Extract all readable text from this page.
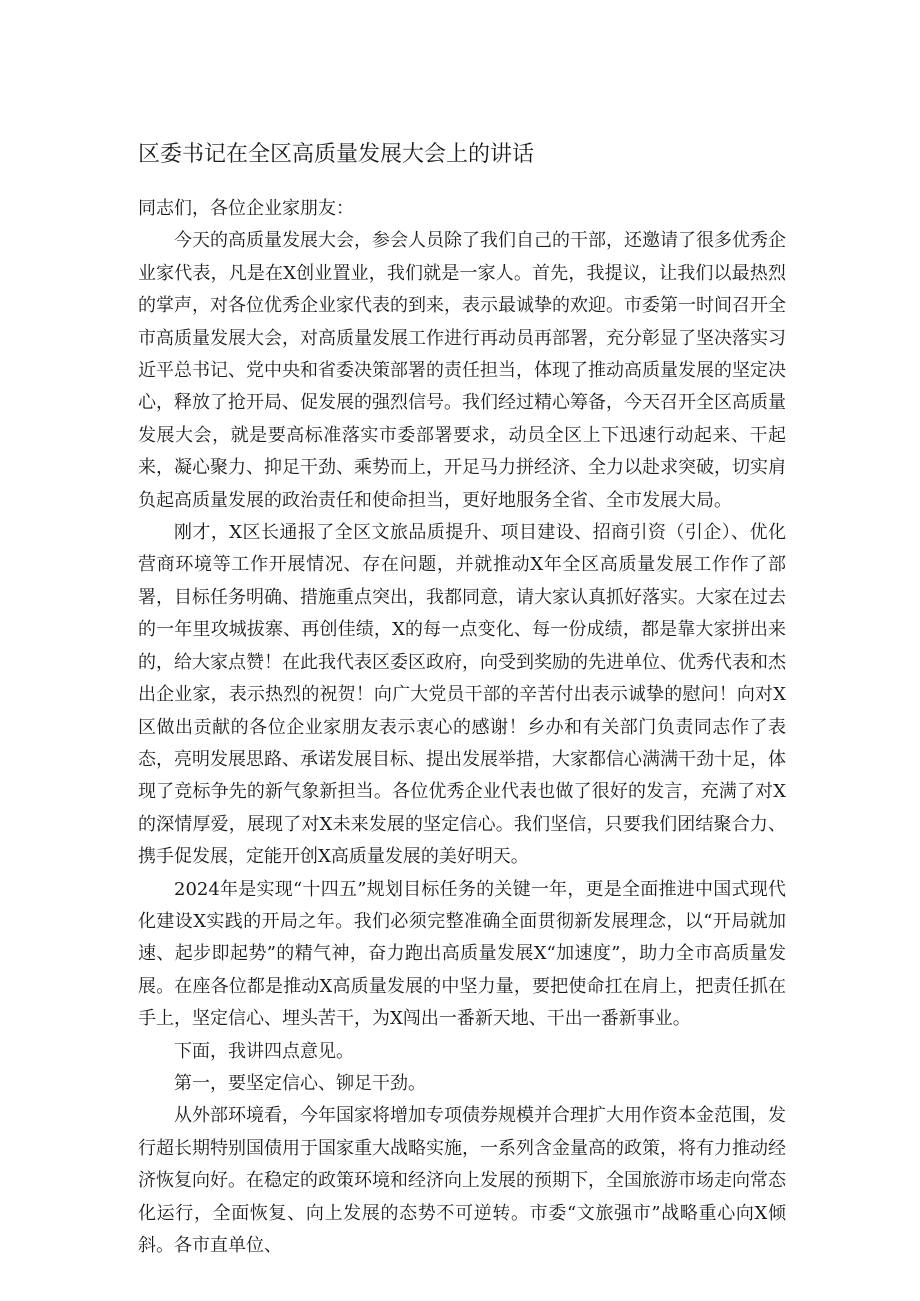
区委书记在全区高质量发展大会上的讲话

同志们，各位企业家朋友：

今天的高质量发展大会，参会人员除了我们自己的干部，还邀请了很多优秀企业家代表，凡是在X创业置业，我们就是一家人。首先，我提议，让我们以最热烈的掌声，对各位优秀企业家代表的到来，表示最诚挚的欢迎。市委第一时间召开全市高质量发展大会，对高质量发展工作进行再动员再部署，充分彰显了坚决落实习近平总书记、党中央和省委决策部署的责任担当，体现了推动高质量发展的坚定决心，释放了抢开局、促发展的强烈信号。我们经过精心筹备，今天召开全区高质量发展大会，就是要高标准落实市委部署要求，动员全区上下迅速行动起来、干起来，凝心聚力、抑足干劲、乘势而上，开足马力拼经济、全力以赴求突破，切实肩负起高质量发展的政治责任和使命担当，更好地服务全省、全市发展大局。

刚才，X区长通报了全区文旅品质提升、项目建设、招商引资（引企）、优化营商环境等工作开展情况、存在问题，并就推动X年全区高质量发展工作作了部署，目标任务明确、措施重点突出，我都同意，请大家认真抓好落实。大家在过去的一年里攻城拔寨、再创佳绩，X的每一点变化、每一份成绩，都是靠大家拼出来的，给大家点赞！在此我代表区委区政府，向受到奖励的先进单位、优秀代表和杰出企业家，表示热烈的祝贺！向广大党员干部的辛苦付出表示诚挚的慰问！向对X区做出贡献的各位企业家朋友表示衷心的感谢！乡办和有关部门负责同志作了表态，亮明发展思路、承诺发展目标、提出发展举措，大家都信心满满干劲十足，体现了竞标争先的新气象新担当。各位优秀企业代表也做了很好的发言，充满了对X的深情厚爱，展现了对X未来发展的坚定信心。我们坚信，只要我们团结聚合力、携手促发展，定能开创X高质量发展的美好明天。

2024年是实现“十四五”规划目标任务的关键一年，更是全面推进中国式现代化建设X实践的开局之年。我们必须完整准确全面贯彻新发展理念，以“开局就加速、起步即起势”的精气神，奋力跑出高质量发展X“加速度”，助力全市高质量发展。在座各位都是推动X高质量发展的中坚力量，要把使命扛在肩上，把责任抓在手上，坚定信心、埋头苦干，为X闯出一番新天地、干出一番新事业。

下面，我讲四点意见。

第一，要坚定信心、铆足干劲。

从外部环境看，今年国家将增加专项债券规模并合理扩大用作资本金范围，发行超长期特别国债用于国家重大战略实施，一系列含金量高的政策，将有力推动经济恢复向好。在稳定的政策环境和经济向上发展的预期下，全国旅游市场走向常态化运行，全面恢复、向上发展的态势不可逆转。市委“文旅强市”战略重心向X倾斜。各市直单位、
